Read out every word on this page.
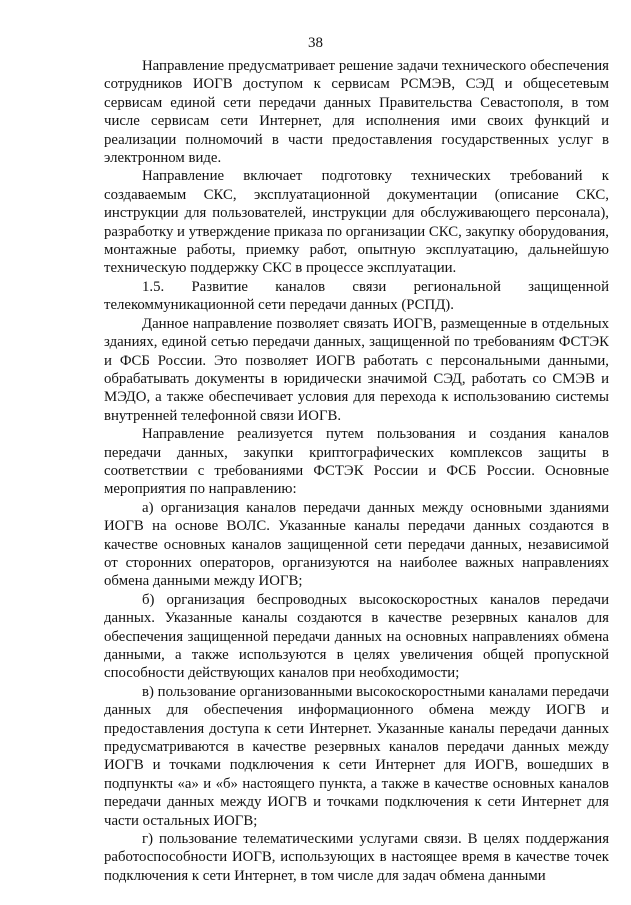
38

Направление предусматривает решение задачи технического обеспечения сотрудников ИОГВ доступом к сервисам РСМЭВ, СЭД и общесетевым сервисам единой сети передачи данных Правительства Севастополя, в том числе сервисам сети Интернет, для исполнения ими своих функций и реализации полномочий в части предоставления государственных услуг в электронном виде.

Направление включает подготовку технических требований к создаваемым СКС, эксплуатационной документации (описание СКС, инструкции для пользователей, инструкции для обслуживающего персонала), разработку и утверждение приказа по организации СКС, закупку оборудования, монтажные работы, приемку работ, опытную эксплуатацию, дальнейшую техническую поддержку СКС в процессе эксплуатации.

1.5. Развитие каналов связи региональной защищенной телекоммуникационной сети передачи данных (РСПД).

Данное направление позволяет связать ИОГВ, размещенные в отдельных зданиях, единой сетью передачи данных, защищенной по требованиям ФСТЭК и ФСБ России. Это позволяет ИОГВ работать с персональными данными, обрабатывать документы в юридически значимой СЭД, работать со СМЭВ и МЭДО, а также обеспечивает условия для перехода к использованию системы внутренней телефонной связи ИОГВ.

Направление реализуется путем пользования и создания каналов передачи данных, закупки криптографических комплексов защиты в соответствии с требованиями ФСТЭК России и ФСБ России. Основные мероприятия по направлению:

а) организация каналов передачи данных между основными зданиями ИОГВ на основе ВОЛС. Указанные каналы передачи данных создаются в качестве основных каналов защищенной сети передачи данных, независимой от сторонних операторов, организуются на наиболее важных направлениях обмена данными между ИОГВ;

б) организация беспроводных высокоскоростных каналов передачи данных. Указанные каналы создаются в качестве резервных каналов для обеспечения защищенной передачи данных на основных направлениях обмена данными, а также используются в целях увеличения общей пропускной способности действующих каналов при необходимости;

в) пользование организованными высокоскоростными каналами передачи данных для обеспечения информационного обмена между ИОГВ и предоставления доступа к сети Интернет. Указанные каналы передачи данных предусматриваются в качестве резервных каналов передачи данных между ИОГВ и точками подключения к сети Интернет для ИОГВ, вошедших в подпункты «а» и «б» настоящего пункта, а также в качестве основных каналов передачи данных между ИОГВ и точками подключения к сети Интернет для части остальных ИОГВ;

г) пользование телематическими услугами связи. В целях поддержания работоспособности ИОГВ, использующих в настоящее время в качестве точек подключения к сети Интернет, в том числе для задач обмена данными
